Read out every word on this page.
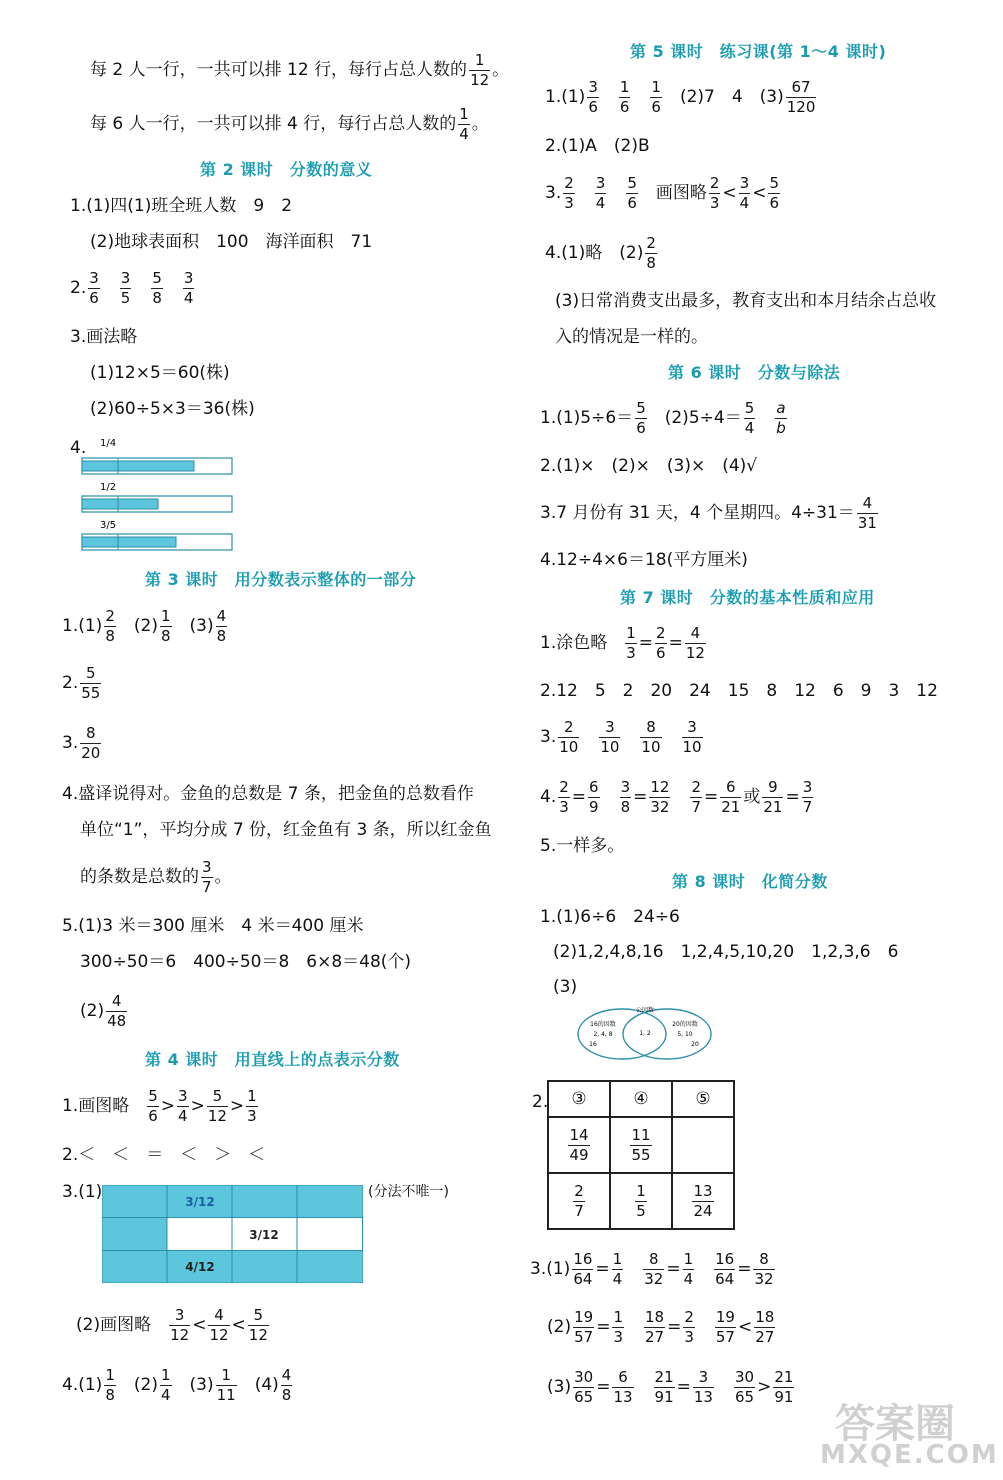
每 2 人一行，一共可以排 12 行，每行占总人数的 $\frac{1}{12}$ 。
每 6 人一行，一共可以排 4 行，每行占总人数的 $\frac{1}{4}$ 。
第 2 课时　分数的意义
1.(1)四(1)班全班人数　9　2
(2)地球表面积　100　海洋面积　71
2. $\frac{3}{6} \frac{3}{5} \frac{5}{8} \frac{3}{4}$
3.画法略
(1)12×5＝60(株)
(2)60÷5×3＝36(株)
4. 1/4
1/2
3/5
第 3 课时　用分数表示整体的一部分
$1.(1) \frac{2}{8} (2) \frac{1}{8} (3) \frac{4}{8}$
2. $\frac{5}{55}$
3. $\frac{8}{20}$
4.盛译说得对。金鱼的总数是 7 条，把金鱼的总数看作
单位“1”，平均分成 7 份，红金鱼有 3 条，所以红金鱼
的条数是总数的 $\frac{3}{7}$ 。
5.(1)3 米＝300 厘米　4 米＝400 厘米
300÷50＝6　400÷50＝8　6×8＝48(个)
$(2) \frac{4}{48}$
第 4 课时　用直线上的点表示分数
1.画图略 $\frac{5}{6} > \frac{3}{4} > \frac{5}{12} > \frac{1}{3}$
2.＜　＜　＝　＜　＞　＜
3.(1)	(分法不唯一)
3/12
3/12
4/12
(2)画图略 $\frac{3}{12} < \frac{4}{12} < \frac{5}{12}$
$4.(1) \frac{1}{8} (2) \frac{1}{4} (3) \frac{1}{11} (4) \frac{4}{8}$
第 5 课时　练习课(第 1～4 课时)
$1.(1) \frac{3}{6} \frac{1}{6} \frac{1}{6} (2)7$　4　$(3) \frac{67}{120}$
2.(1)A　(2)B
3. $\frac{2}{3} \frac{3}{4} \frac{5}{6}$ 画图略 $\frac{2}{3} < \frac{3}{4} < \frac{5}{6}$
4.(1)略　$(2) \frac{2}{8}$
(3)日常消费支出最多，教育支出和本月结余占总收
入的情况是一样的。
第 6 课时　分数与除法
$1.(1)5\div 6= \frac{5}{6} (2)5\div 4= \frac{5}{4} \frac{a}{b}$
2.(1)×　(2)×　(3)×　(4)√
3.7 月份有 31 天，4 个星期四。$4\div 31= \frac{4}{31}$
4.12÷4×6＝18(平方厘米)
第 7 课时　分数的基本性质和应用
1.涂色略 $\frac{1}{3} = \frac{2}{6} = \frac{4}{12}$
2.12　5　2　20　24　15　8　12　6　9　3　12
3. $\frac{2}{10} \frac{3}{10} \frac{8}{10} \frac{3}{10}$
4. $\frac{2}{3} = \frac{6}{9} \frac{3}{8} = \frac{12}{32} \frac{2}{7} = \frac{6}{21}$ 或 $\frac{9}{21} = \frac{3}{7}$
5.一样多。
第 8 课时　化简分数
1.(1)6÷6　24÷6
(2)1,2,4,8,16　1,2,4,5,10,20　1,2,3,6　6
(3)
公因数
16的因数
2, 4, 8
16
1, 2
20的因数
5, 10
20
2. ③	④	⑤

$\frac{14}{49}$	$\frac{11}{55}$

$\frac{2}{7}$	$\frac{1}{5}$	$\frac{13}{24}$
$3.(1) \frac{16}{64} = \frac{1}{4} \frac{8}{32} = \frac{1}{4} \frac{16}{64} = \frac{8}{32}$
$(2) \frac{19}{57} = \frac{1}{3} \frac{18}{27} = \frac{2}{3} \frac{19}{57} < \frac{18}{27}$
$(3) \frac{30}{65} = \frac{6}{13} \frac{21}{91} = \frac{3}{13} \frac{30}{65} > \frac{21}{91}$
答案圈
MXQE.COM
